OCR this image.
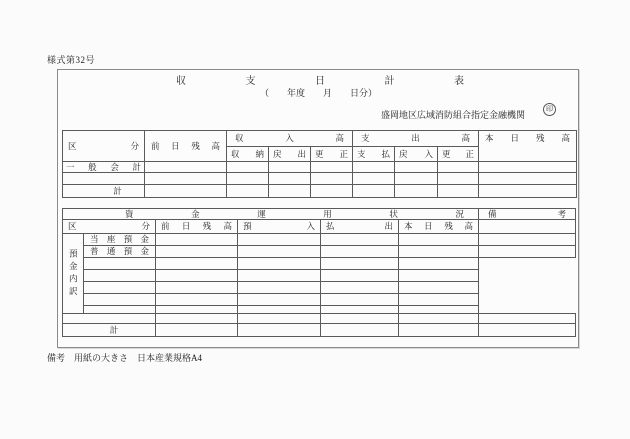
様式第32号
収支日計表
（　　年度　　月　　日分）
盛岡地区広域消防組合指定金融機関
印
区分	前日残高	収入高			支出高			本日残高
		収納	戻出	更正	支払	戻入	更正	
一般会計								

計								
資金運用状況						備考
区分		前日残高	預入	払出	本日残高	
預金内訳	当座預金					
	普通預金					

計						
備考　用紙の大きさ　日本産業規格A4
